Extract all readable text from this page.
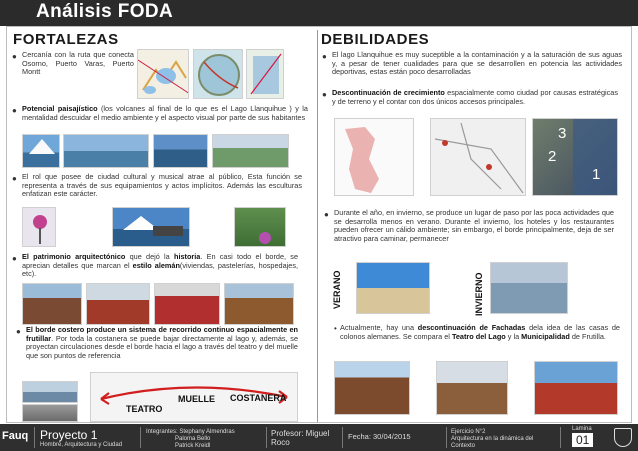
Análisis FODA
FORTALEZAS
● Cercanía con la ruta que conecta Osorno, Puerto Varas, Puerto Montt
● Potencial paisajístico (los volcanes al final de lo que es el Lago Llanquihue ) y la mentalidad descuidar el medio ambiente y el aspecto visual por parte de sus habitantes
● El rol que posee de ciudad cultural y musical atrae al público, Esta función se representa a través de sus equipamientos y actos implícitos. Además las esculturas enfatizan este carácter.
● El patrimonio arquitectónico que dejó la historia. En casi todo el borde, se aprecian detalles que marcan el estilo alemán(viviendas, pastelerías, hospedajes, etc).
● El borde costero produce un sistema de recorrido continuo espacialmente en frutillar. Por toda la costanera se puede bajar directamente al lago y, además, se proyectan circulaciones desde el borde hacia el lago a través del teatro y del muelle que son puntos de referencia
TEATRO
MUELLE COSTANERA
DEBILIDADES
● El lago Llanquihue es muy suceptible a la contaminación y a la saturación de sus aguas y, a pesar de tener cualidades para que se desarrollen en potencia las actividades deportivas, estas están poco desarrolladas
● Descontinuación de crecimiento espacialmente como ciudad por causas estratégicas y de terreno y el contar con dos únicos accesos principales.
3
2
1
● Durante el año, en invierno, se produce un lugar de paso por las poca actividades que se desarrolla menos en verano. Durante el invierno, los hoteles y los restaurantes pueden ofrecer un cálido ambiente; sin embargo, el borde principalmente, deja de ser atractivo para caminar, permanecer
VERANO	INVIERNO
• Actualmente, hay una descontinuación de Fachadas dela idea de las casas de colonos alemanes. Se compara el Teatro del Lago y la Municipalidad de Frutilla.
Fauq Proyecto 1
Hombre, Arquitectura y Ciudad
Integrantes: Stephany Almendras
Paloma Bello
Patrick Kreidl
Profesor: Miguel Roco
Fecha: 30/04/2015	Ejercicio N°2
Arquitectura en la dinámica del Contexto
Lamina
01
